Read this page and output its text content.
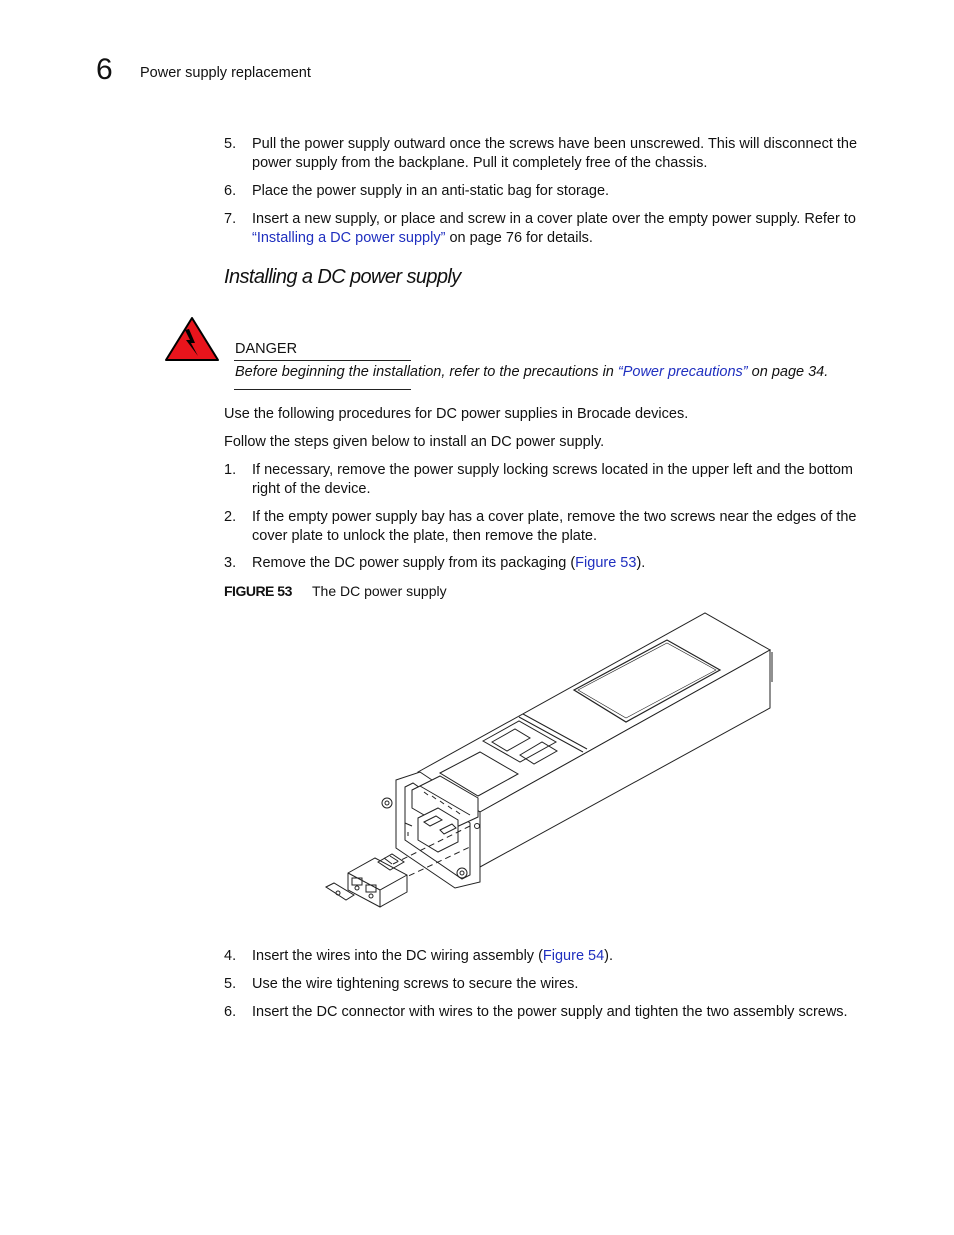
6 Power supply replacement
5. Pull the power supply outward once the screws have been unscrewed. This will disconnect the power supply from the backplane. Pull it completely free of the chassis.
6. Place the power supply in an anti-static bag for storage.
7. Insert a new supply, or place and screw in a cover plate over the empty power supply. Refer to “Installing a DC power supply” on page 76 for details.
Installing a DC power supply
DANGER
Before beginning the installation, refer to the precautions in “Power precautions” on page 34.
Use the following procedures for DC power supplies in Brocade devices.
Follow the steps given below to install an DC power supply.
1. If necessary, remove the power supply locking screws located in the upper left and the bottom right of the device.
2. If the empty power supply bay has a cover plate, remove the two screws near the edges of the cover plate to unlock the plate, then remove the plate.
3. Remove the DC power supply from its packaging (Figure 53).
FIGURE 53 The DC power supply
4. Insert the wires into the DC wiring assembly (Figure 54).
5. Use the wire tightening screws to secure the wires.
6. Insert the DC connector with wires to the power supply and tighten the two assembly screws.
